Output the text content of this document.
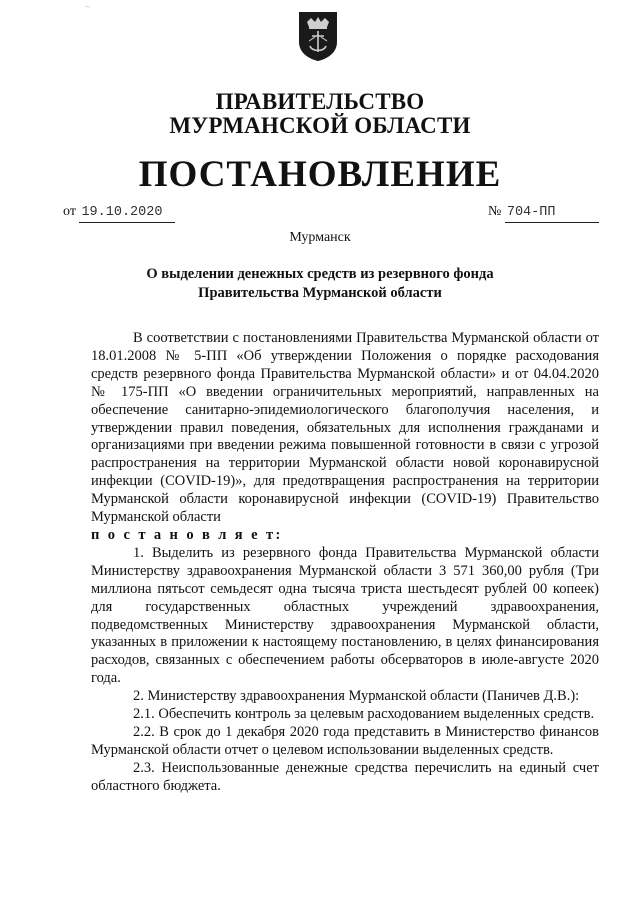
~
ПРАВИТЕЛЬСТВО
МУРМАНСКОЙ ОБЛАСТИ
ПОСТАНОВЛЕНИЕ
от 19.10.2020	№ 704-ПП
Мурманск
О выделении денежных средств из резервного фонда
Правительства Мурманской области

В соответствии с постановлениями Правительства Мурманской области от 18.01.2008 № 5-ПП «Об утверждении Положения о порядке расходования средств резервного фонда Правительства Мурманской области» и от 04.04.2020 № 175-ПП «О введении ограничительных мероприятий, направленных на обеспечение санитарно-эпидемиологического благополучия населения, и утверждении правил поведения, обязательных для исполнения гражданами и организациями при введении режима повышенной готовности в связи с угрозой распространения на территории Мурманской области новой коронавирусной инфекции (COVID-19)», для предотвращения распространения на территории Мурманской области коронавирусной инфекции (COVID-19) Правительство Мурманской области

п о с т а н о в л я е т:

1. Выделить из резервного фонда Правительства Мурманской области Министерству здравоохранения Мурманской области 3 571 360,00 рубля (Три миллиона пятьсот семьдесят одна тысяча триста шестьдесят рублей 00 копеек) для государственных областных учреждений здравоохранения, подведомственных Министерству здравоохранения Мурманской области, указанных в приложении к настоящему постановлению, в целях финансирования расходов, связанных с обеспечением работы обсерваторов в июле-августе 2020 года.

2. Министерству здравоохранения Мурманской области (Паничев Д.В.):

2.1. Обеспечить контроль за целевым расходованием выделенных средств.

2.2. В срок до 1 декабря 2020 года представить в Министерство финансов Мурманской области отчет о целевом использовании выделенных средств.

2.3. Неиспользованные денежные средства перечислить на единый счет областного бюджета.
